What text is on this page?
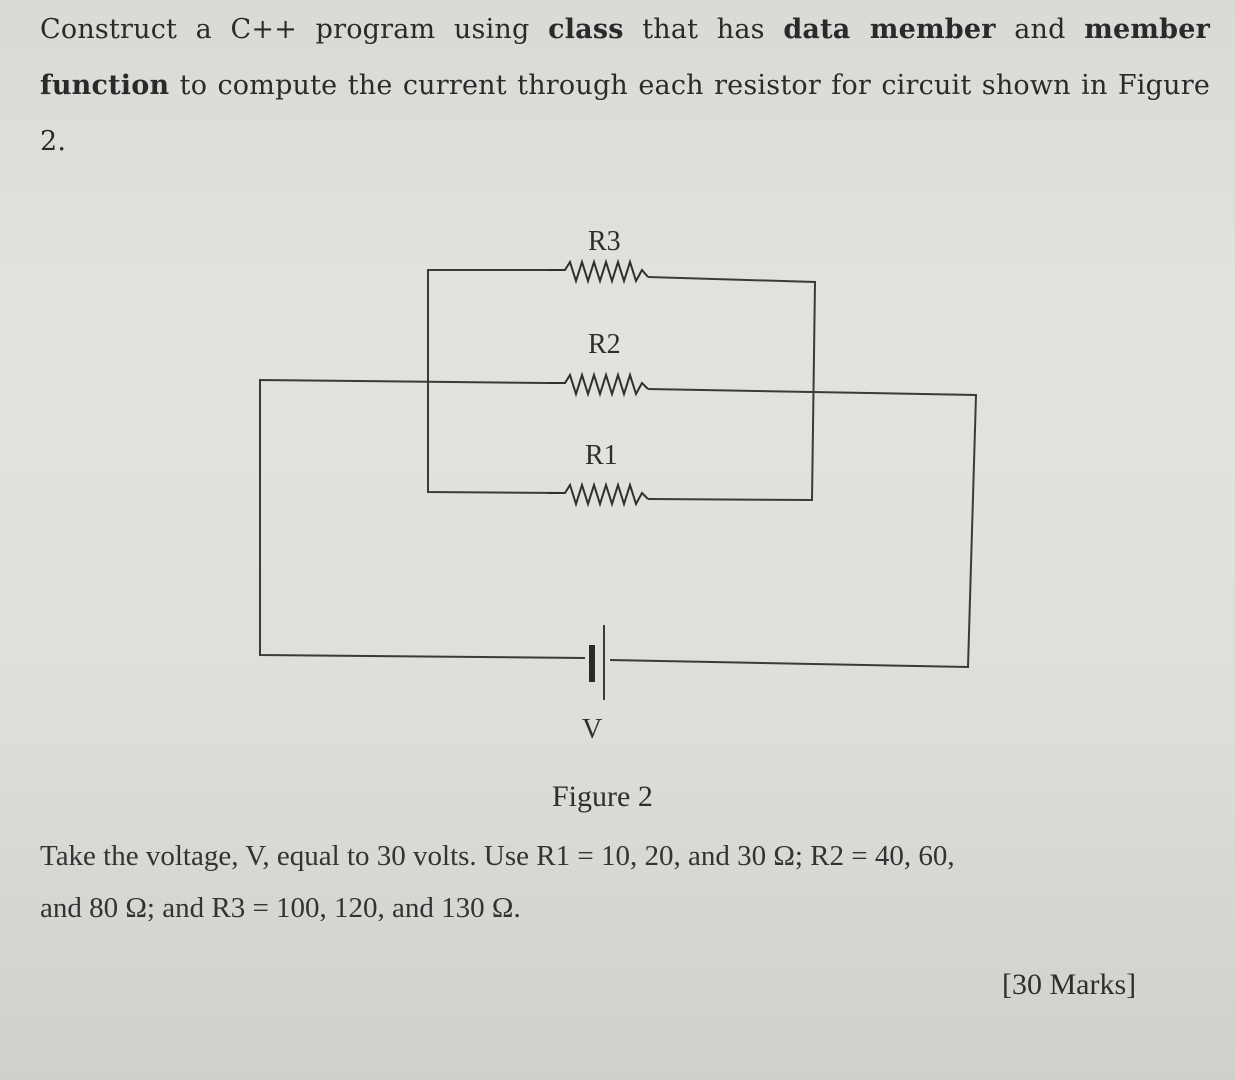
Construct a C++ program using class that has data member and member function to compute the current through each resistor for circuit shown in Figure 2.

R3
R2
R1
V

Figure 2

Take the voltage, V, equal to 30 volts. Use R1 = 10, 20, and 30 Ω; R2 = 40, 60,
and 80 Ω; and R3 = 100, 120, and 130 Ω.

[30 Marks]
